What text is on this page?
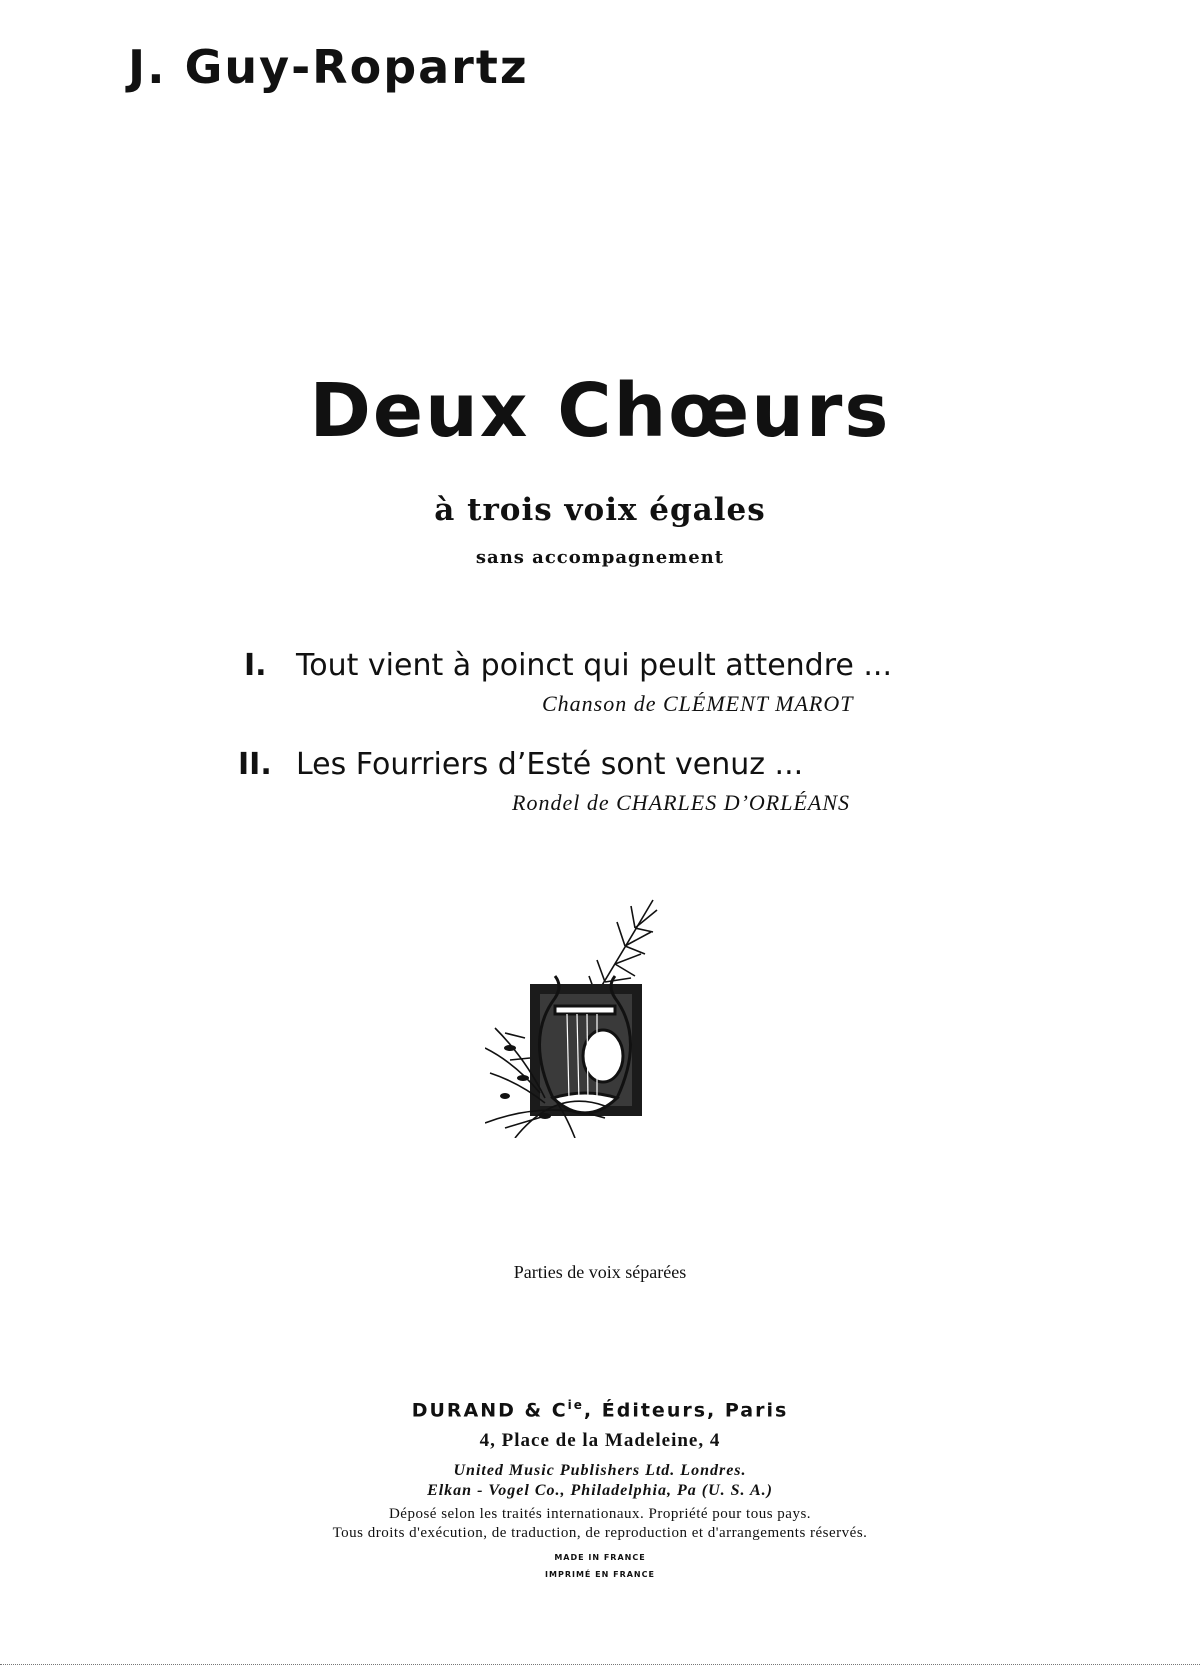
J. Guy-Ropartz
Deux Chœurs
à trois voix égales
sans accompagnement
I. Tout vient à poinct qui peult attendre ...
Chanson de CLÉMENT MAROT
II. Les Fourriers d’Esté sont venuz ...
Rondel de CHARLES D’ORLÉANS
Parties de voix séparées
DURAND & $C^{ie}$, Éditeurs, Paris
4, Place de la Madeleine, 4
United Music Publishers Ltd. Londres.
Elkan - Vogel Co., Philadelphia, Pa (U. S. A.)
Déposé selon les traités internationaux. Propriété pour tous pays.
Tous droits d'exécution, de traduction, de reproduction et d'arrangements réservés.
MADE IN FRANCE
IMPRIMÉ EN FRANCE
